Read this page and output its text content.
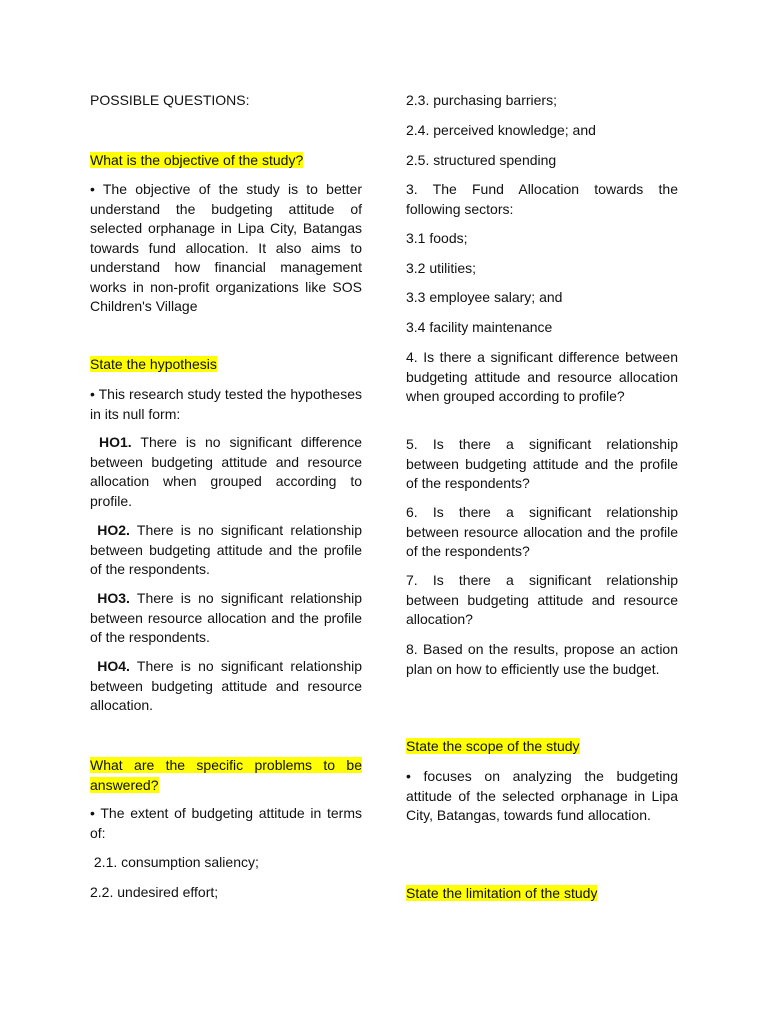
POSSIBLE QUESTIONS:

What is the objective of the study?

• The objective of the study is to better understand the budgeting attitude of selected orphanage in Lipa City, Batangas towards fund allocation. It also aims to understand how financial management works in non-profit organizations like SOS Children's Village

State the hypothesis

• This research study tested the hypotheses in its null form:

HO1. There is no significant difference between budgeting attitude and resource allocation when grouped according to profile.

HO2. There is no significant relationship between budgeting attitude and the profile of the respondents.

HO3. There is no significant relationship between resource allocation and the profile of the respondents.

HO4. There is no significant relationship between budgeting attitude and resource allocation.

What are the specific problems to be answered?

• The extent of budgeting attitude in terms of:

2.1. consumption saliency;

2.2. undesired effort;

2.3. purchasing barriers;

2.4. perceived knowledge; and

2.5. structured spending

3. The Fund Allocation towards the following sectors:

3.1 foods;

3.2 utilities;

3.3 employee salary; and

3.4 facility maintenance

4. Is there a significant difference between budgeting attitude and resource allocation when grouped according to profile?

5. Is there a significant relationship between budgeting attitude and the profile of the respondents?

6. Is there a significant relationship between resource allocation and the profile of the respondents?

7. Is there a significant relationship between budgeting attitude and resource allocation?

8. Based on the results, propose an action plan on how to efficiently use the budget.

State the scope of the study

• focuses on analyzing the budgeting attitude of the selected orphanage in Lipa City, Batangas, towards fund allocation.

State the limitation of the study
